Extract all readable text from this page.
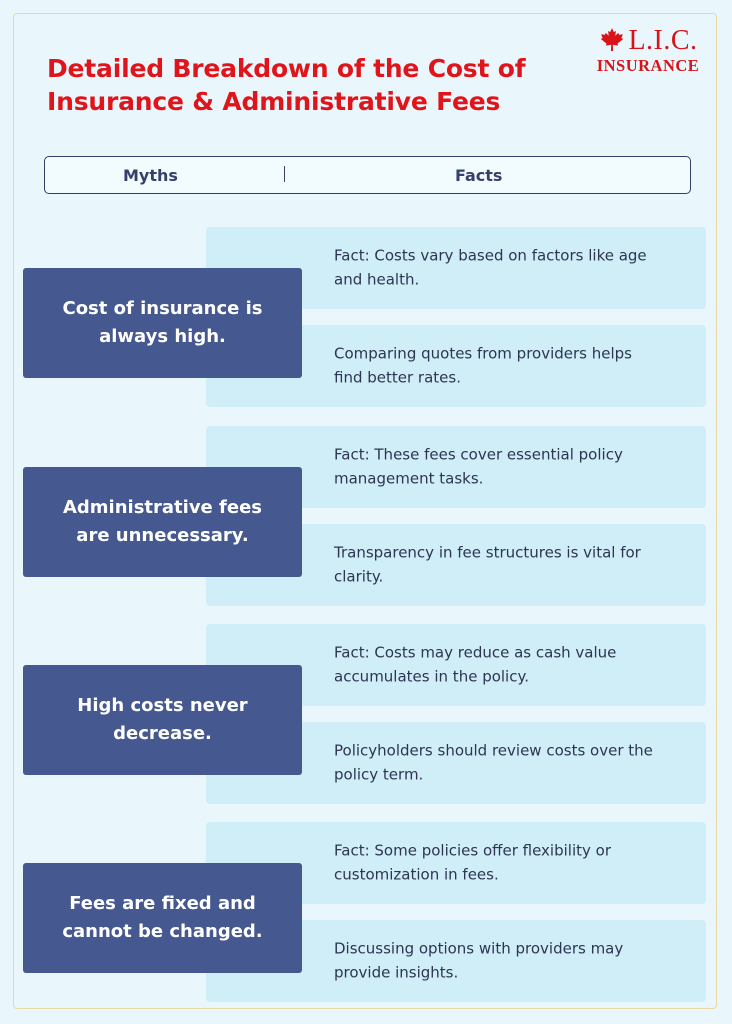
Detailed Breakdown of the Cost of
Insurance & Administrative Fees
L.I.C.
INSURANCE
Myths	Facts
Fact: Costs vary based on factors like age and health.
Comparing quotes from providers helps find better rates.
Cost of insurance is always high.
Fact: These fees cover essential policy management tasks.
Transparency in fee structures is vital for clarity.
Administrative fees are unnecessary.
Fact: Costs may reduce as cash value accumulates in the policy.
Policyholders should review costs over the policy term.
High costs never decrease.
Fact: Some policies offer flexibility or customization in fees.
Discussing options with providers may provide insights.
Fees are fixed and cannot be changed.
